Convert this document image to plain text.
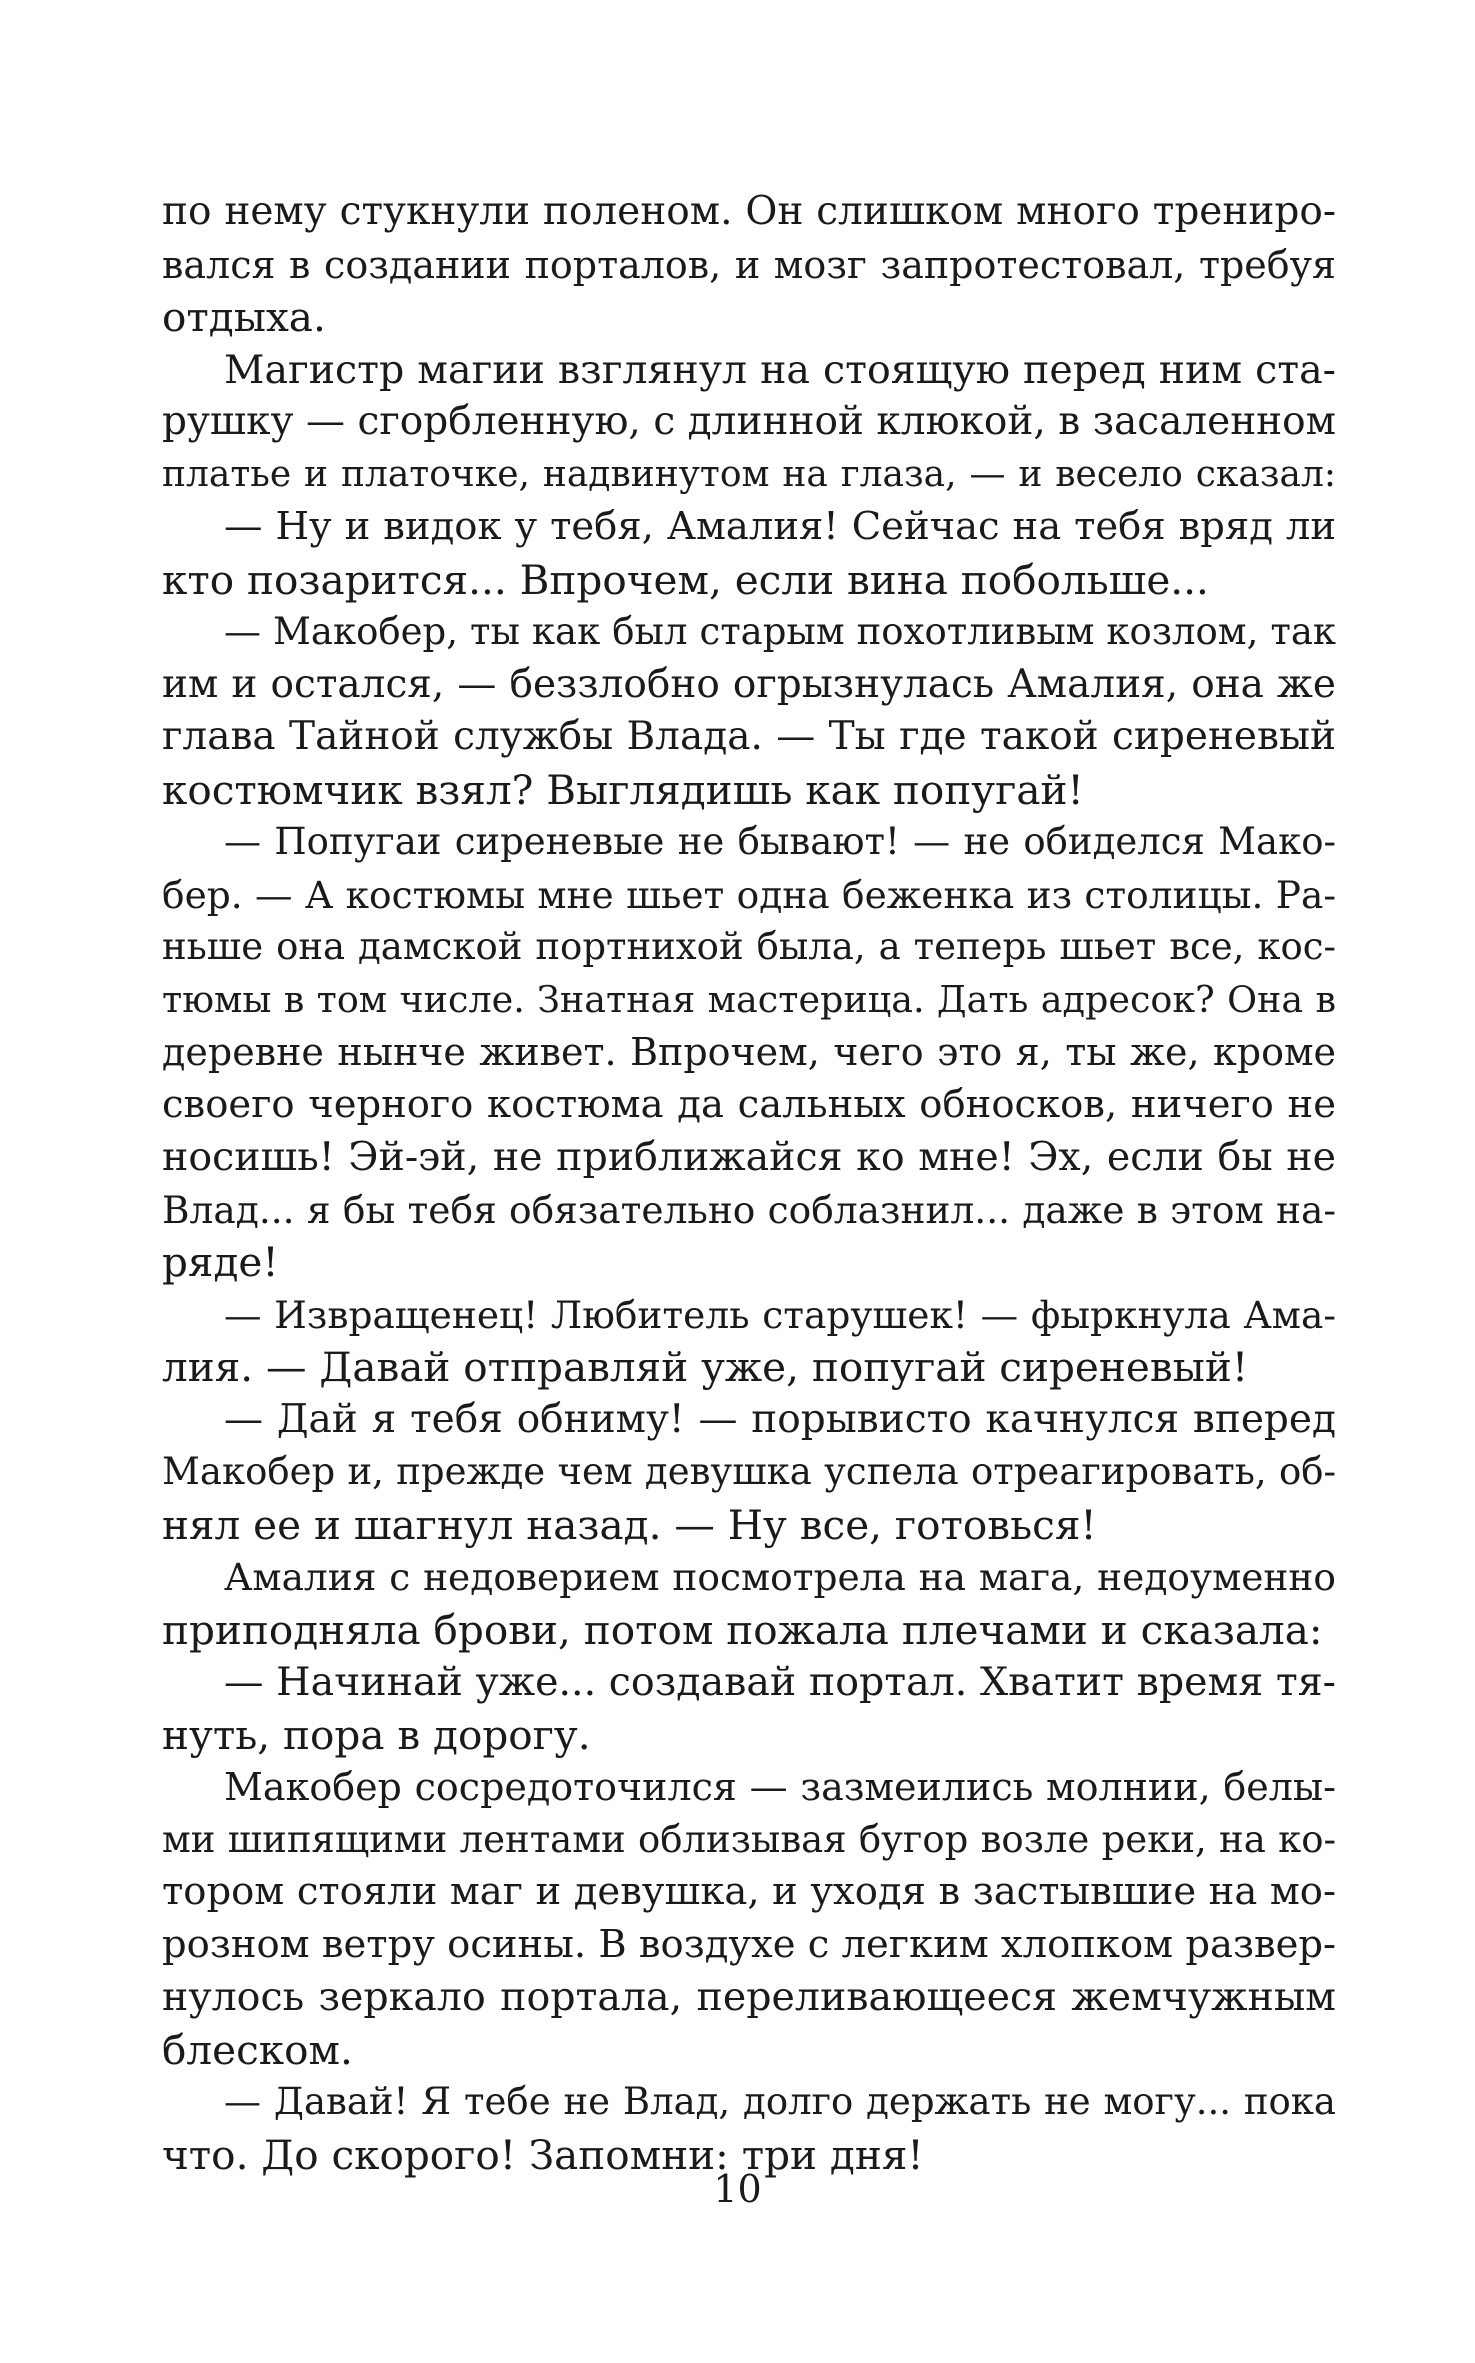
по нему стукнули поленом. Он слишком много трениро-
вался в создании порталов, и мозг запротестовал, требуя
отдыха.
Магистр магии взглянул на стоящую перед ним ста-
рушку — сгорбленную, с длинной клюкой, в засаленном
платье и платочке, надвинутом на глаза, — и весело сказал:
— Ну и видок у тебя, Амалия! Сейчас на тебя вряд ли
кто позарится... Впрочем, если вина побольше...
— Макобер, ты как был старым похотливым козлом, так
им и остался, — беззлобно огрызнулась Амалия, она же
глава Тайной службы Влада. — Ты где такой сиреневый
костюмчик взял? Выглядишь как попугай!
— Попугаи сиреневые не бывают! — не обиделся Мако-
бер. — А костюмы мне шьет одна беженка из столицы. Ра-
ньше она дамской портнихой была, а теперь шьет все, кос-
тюмы в том числе. Знатная мастерица. Дать адресок? Она в
деревне нынче живет. Впрочем, чего это я, ты же, кроме
своего черного костюма да сальных обносков, ничего не
носишь! Эй-эй, не приближайся ко мне! Эх, если бы не
Влад... я бы тебя обязательно соблазнил... даже в этом на-
ряде!
— Извращенец! Любитель старушек! — фыркнула Ама-
лия. — Давай отправляй уже, попугай сиреневый!
— Дай я тебя обниму! — порывисто качнулся вперед
Макобер и, прежде чем девушка успела отреагировать, об-
нял ее и шагнул назад. — Ну все, готовься!
Амалия с недоверием посмотрела на мага, недоуменно
приподняла брови, потом пожала плечами и сказала:
— Начинай уже... создавай портал. Хватит время тя-
нуть, пора в дорогу.
Макобер сосредоточился — зазмеились молнии, белы-
ми шипящими лентами облизывая бугор возле реки, на ко-
тором стояли маг и девушка, и уходя в застывшие на мо-
розном ветру осины. В воздухе с легким хлопком развер-
нулось зеркало портала, переливающееся жемчужным
блеском.
— Давай! Я тебе не Влад, долго держать не могу... пока
что. До скорого! Запомни: три дня!
10
